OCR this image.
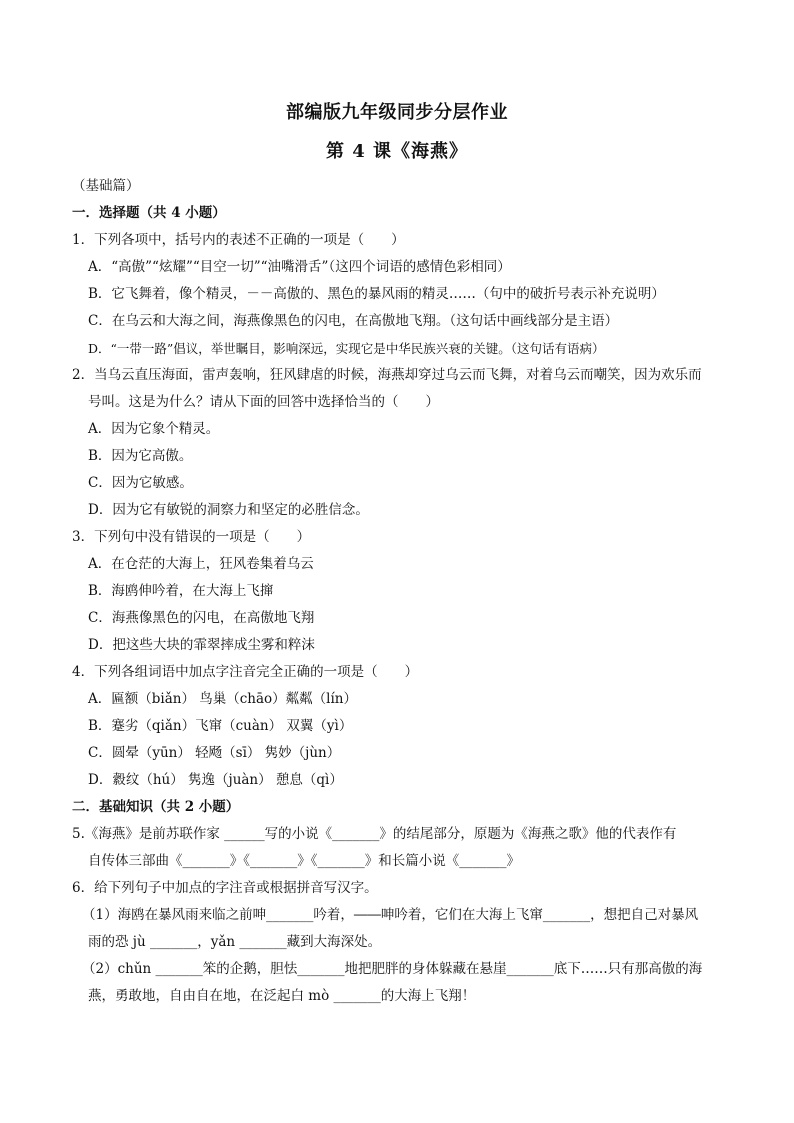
部编版九年级同步分层作业
第 4 课《海燕》
（基础篇）
一．选择题（共 4 小题）
1．下列各项中，括号内的表述不正确的一项是（　　）
A．“高傲”“炫耀”“目空一切”“油嘴滑舌”（这四个词语的感情色彩相同）
B．它飞舞着，像个精灵，－－高傲的、黑色的暴风雨的精灵……（句中的破折号表示补充说明）
C．在乌云和大海之间，海燕像黑色的闪电，在高傲地飞翔。（这句话中画线部分是主语）
D．“一带一路”倡议，举世瞩目，影响深远，实现它是中华民族兴衰的关键。（这句话有语病）
2．当乌云直压海面，雷声轰响，狂风肆虐的时候，海燕却穿过乌云而飞舞，对着乌云而嘲笑，因为欢乐而
号叫。这是为什么？请从下面的回答中选择恰当的（　　）
A．因为它象个精灵。
B．因为它高傲。
C．因为它敏感。
D．因为它有敏锐的洞察力和坚定的必胜信念。
3．下列句中没有错误的一项是（　　）
A．在仓茫的大海上，狂风卷集着乌云
B．海鸥伸吟着，在大海上飞撺
C．海燕像黑色的闪电，在高傲地飞翔
D．把这些大块的霏翠摔成尘雾和粹沫
4．下列各组词语中加点字注音完全正确的一项是（　　）
A．匾额（biǎn） 鸟巢（chāo）粼粼（lín）
B．蹇劣（qiǎn）飞窜（cuàn） 双翼（yì）
C．圆晕（yūn） 轻飏（sī） 隽妙（jùn）
D．縠纹（hú） 隽逸（juàn） 憩息（qì）
二．基础知识（共 2 小题）
5.《海燕》是前苏联作家 ______写的小说《_______》的结尾部分，原题为《海燕之歌》他的代表作有
自传体三部曲《_______》《_______》《_______》和长篇小说《_______》
6．给下列句子中加点的字注音或根据拼音写汉字。
（1）海鸥在暴风雨来临之前呻_______吟着，――呻吟着，它们在大海上飞窜_______，想把自己对暴风
雨的恐 jù _______，yǎn _______藏到大海深处。
（2）chǔn _______笨的企鹅，胆怯_______地把肥胖的身体躲藏在悬崖_______底下……只有那高傲的海
燕，勇敢地，自由自在地，在泛起白 mò _______的大海上飞翔！
